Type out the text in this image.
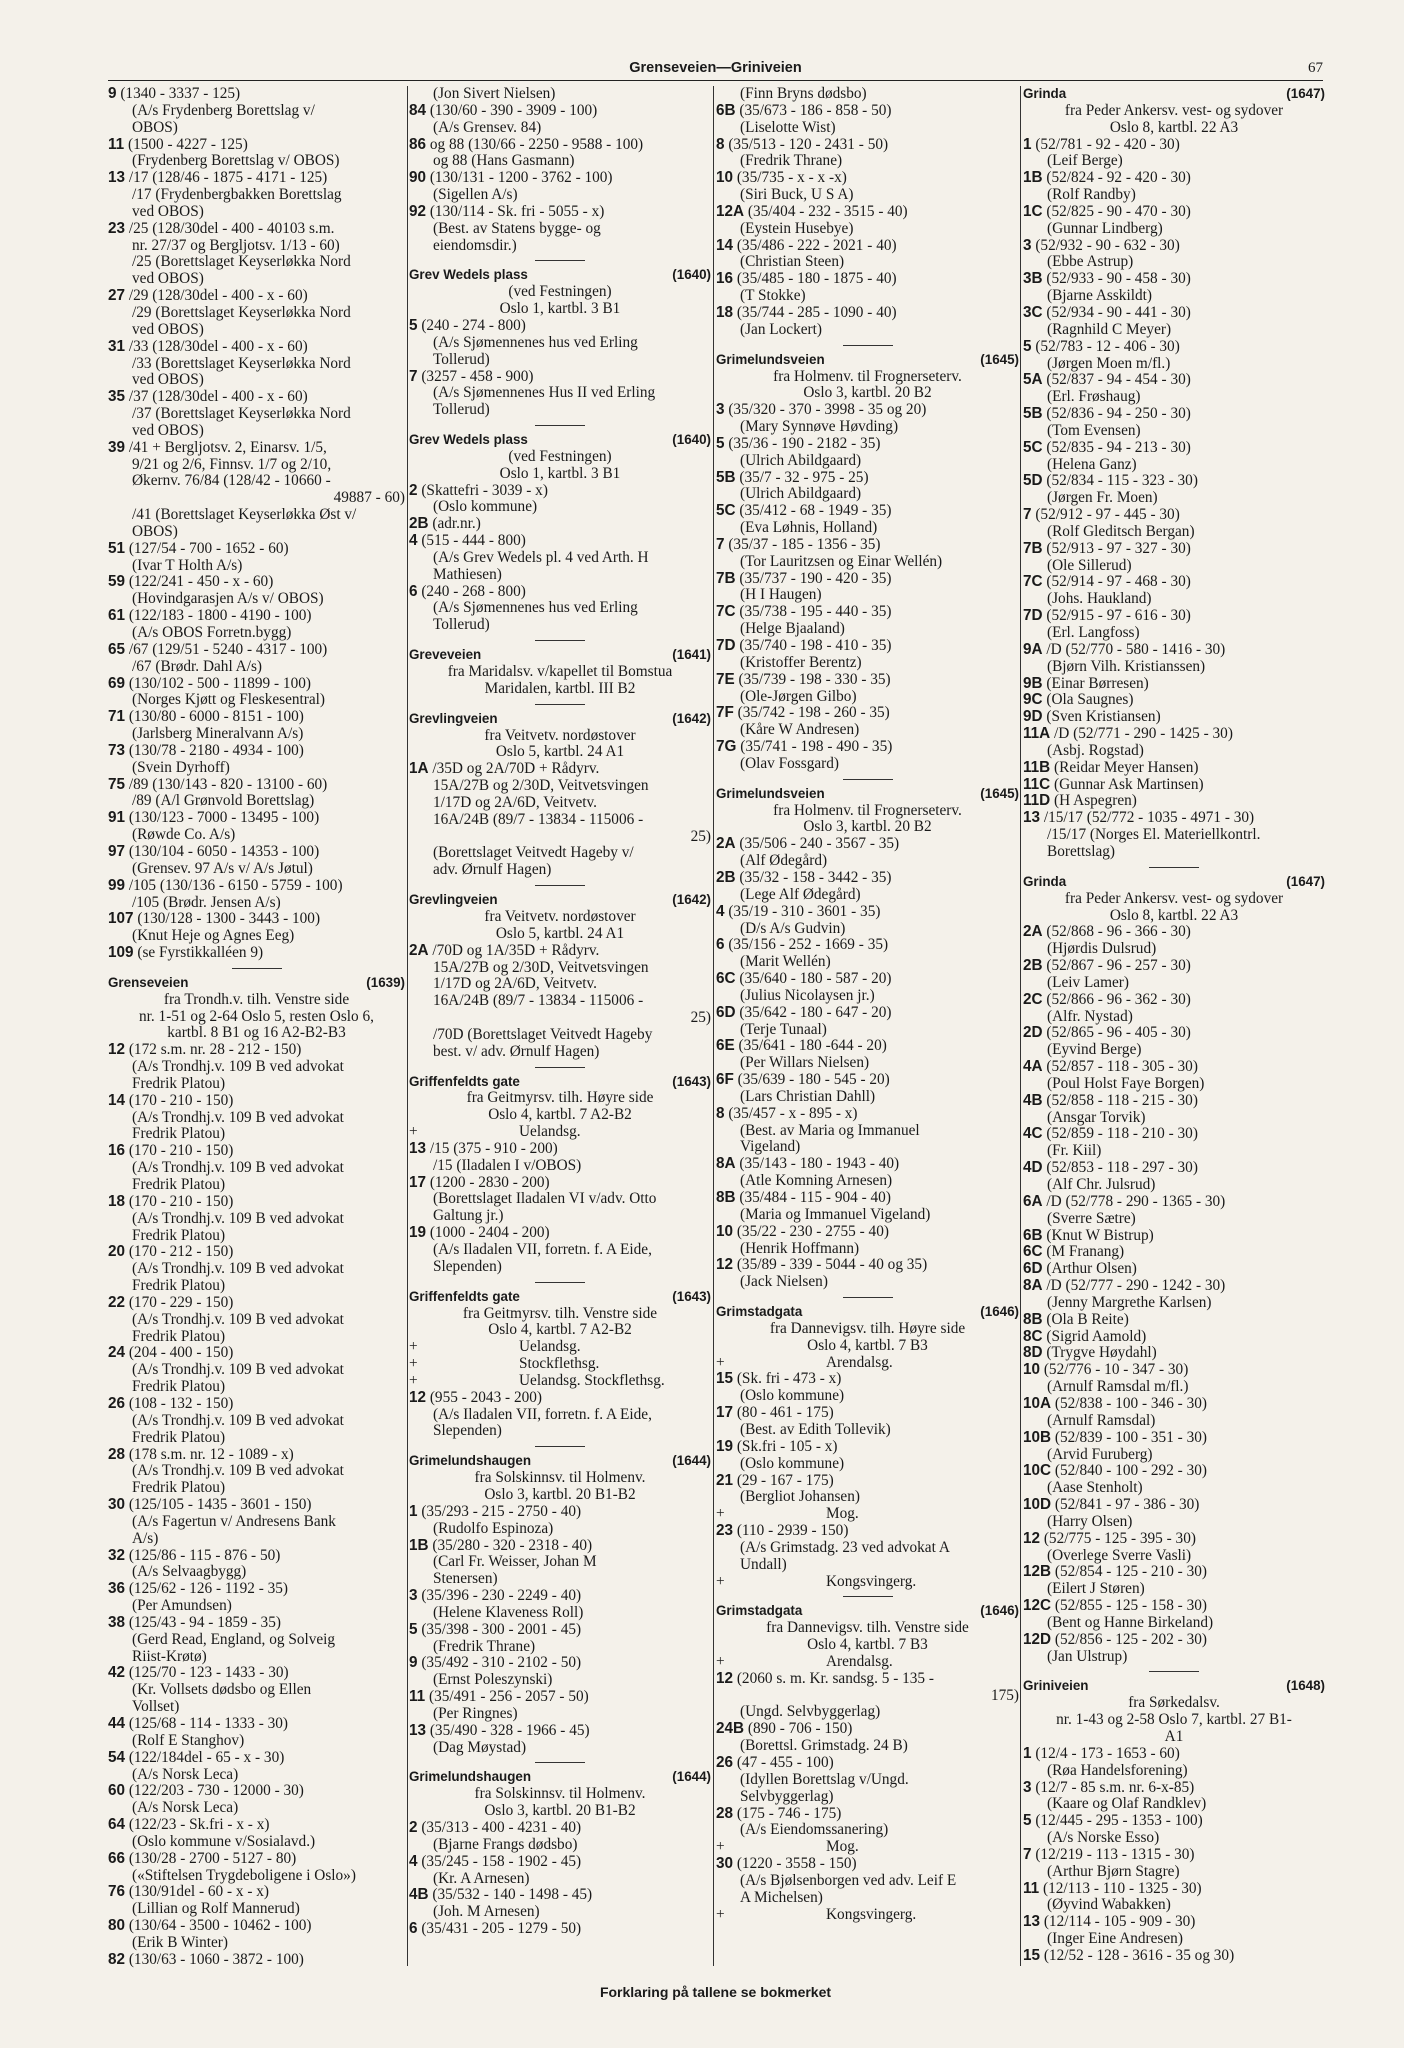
Grenseveien—Griniveien	67
9 (1340 - 3337 - 125)
(A/s Frydenberg Borettslag v/
OBOS)
11 (1500 - 4227 - 125)
(Frydenberg Borettslag v/ OBOS)
13 /17 (128/46 - 1875 - 4171 - 125)
/17 (Frydenbergbakken Borettslag
ved OBOS)
23 /25 (128/30del - 400 - 40103 s.m.
nr. 27/37 og Bergljotsv. 1/13 - 60)
/25 (Borettslaget Keyserløkka Nord
ved OBOS)
27 /29 (128/30del - 400 - x - 60)
/29 (Borettslaget Keyserløkka Nord
ved OBOS)
31 /33 (128/30del - 400 - x - 60)
/33 (Borettslaget Keyserløkka Nord
ved OBOS)
35 /37 (128/30del - 400 - x - 60)
/37 (Borettslaget Keyserløkka Nord
ved OBOS)
39 /41 + Bergljotsv. 2, Einarsv. 1/5,
9/21 og 2/6, Finnsv. 1/7 og 2/10,
Økernv. 76/84 (128/42 - 10660 -
49887 - 60)
/41 (Borettslaget Keyserløkka Øst v/
OBOS)
51 (127/54 - 700 - 1652 - 60)
(Ivar T Holth A/s)
59 (122/241 - 450 - x - 60)
(Hovindgarasjen A/s v/ OBOS)
61 (122/183 - 1800 - 4190 - 100)
(A/s OBOS Forretn.bygg)
65 /67 (129/51 - 5240 - 4317 - 100)
/67 (Brødr. Dahl A/s)
69 (130/102 - 500 - 11899 - 100)
(Norges Kjøtt og Fleskesentral)
71 (130/80 - 6000 - 8151 - 100)
(Jarlsberg Mineralvann A/s)
73 (130/78 - 2180 - 4934 - 100)
(Svein Dyrhoff)
75 /89 (130/143 - 820 - 13100 - 60)
/89 (A/l Grønvold Borettslag)
91 (130/123 - 7000 - 13495 - 100)
(Røwde Co. A/s)
97 (130/104 - 6050 - 14353 - 100)
(Grensev. 97 A/s v/ A/s Jøtul)
99 /105 (130/136 - 6150 - 5759 - 100)
/105 (Brødr. Jensen A/s)
107 (130/128 - 1300 - 3443 - 100)
(Knut Heje og Agnes Eeg)
109 (se Fyrstikkalléen 9)
Grenseveien	(1639)
fra Trondh.v. tilh. Venstre side
nr. 1-51 og 2-64 Oslo 5, resten Oslo 6,
kartbl. 8 B1 og 16 A2-B2-B3
12 (172 s.m. nr. 28 - 212 - 150)
(A/s Trondhj.v. 109 B ved advokat
Fredrik Platou)
14 (170 - 210 - 150)
(A/s Trondhj.v. 109 B ved advokat
Fredrik Platou)
16 (170 - 210 - 150)
(A/s Trondhj.v. 109 B ved advokat
Fredrik Platou)
18 (170 - 210 - 150)
(A/s Trondhj.v. 109 B ved advokat
Fredrik Platou)
20 (170 - 212 - 150)
(A/s Trondhj.v. 109 B ved advokat
Fredrik Platou)
22 (170 - 229 - 150)
(A/s Trondhj.v. 109 B ved advokat
Fredrik Platou)
24 (204 - 400 - 150)
(A/s Trondhj.v. 109 B ved advokat
Fredrik Platou)
26 (108 - 132 - 150)
(A/s Trondhj.v. 109 B ved advokat
Fredrik Platou)
28 (178 s.m. nr. 12 - 1089 - x)
(A/s Trondhj.v. 109 B ved advokat
Fredrik Platou)
30 (125/105 - 1435 - 3601 - 150)
(A/s Fagertun v/ Andresens Bank
A/s)
32 (125/86 - 115 - 876 - 50)
(A/s Selvaagbygg)
36 (125/62 - 126 - 1192 - 35)
(Per Amundsen)
38 (125/43 - 94 - 1859 - 35)
(Gerd Read, England, og Solveig
Riist-Krøtø)
42 (125/70 - 123 - 1433 - 30)
(Kr. Vollsets dødsbo og Ellen
Vollset)
44 (125/68 - 114 - 1333 - 30)
(Rolf E Stanghov)
54 (122/184del - 65 - x - 30)
(A/s Norsk Leca)
60 (122/203 - 730 - 12000 - 30)
(A/s Norsk Leca)
64 (122/23 - Sk.fri - x - x)
(Oslo kommune v/Sosialavd.)
66 (130/28 - 2700 - 5127 - 80)
(«Stiftelsen Trygdeboligene i Oslo»)
76 (130/91del - 60 - x - x)
(Lillian og Rolf Mannerud)
80 (130/64 - 3500 - 10462 - 100)
(Erik B Winter)
82 (130/63 - 1060 - 3872 - 100)
(Jon Sivert Nielsen)
84 (130/60 - 390 - 3909 - 100)
(A/s Grensev. 84)
86 og 88 (130/66 - 2250 - 9588 - 100)
og 88 (Hans Gasmann)
90 (130/131 - 1200 - 3762 - 100)
(Sigellen A/s)
92 (130/114 - Sk. fri - 5055 - x)
(Best. av Statens bygge- og
eiendomsdir.)
Grev Wedels plass	(1640)
(ved Festningen)
Oslo 1, kartbl. 3 B1
5 (240 - 274 - 800)
(A/s Sjømennenes hus ved Erling
Tollerud)
7 (3257 - 458 - 900)
(A/s Sjømennenes Hus II ved Erling
Tollerud)
Grev Wedels plass	(1640)
(ved Festningen)
Oslo 1, kartbl. 3 B1
2 (Skattefri - 3039 - x)
(Oslo kommune)
2B (adr.nr.)
4 (515 - 444 - 800)
(A/s Grev Wedels pl. 4 ved Arth. H
Mathiesen)
6 (240 - 268 - 800)
(A/s Sjømennenes hus ved Erling
Tollerud)
Greveveien	(1641)
fra Maridalsv. v/kapellet til Bomstua
Maridalen, kartbl. III B2
Grevlingveien	(1642)
fra Veitvetv. nordøstover
Oslo 5, kartbl. 24 A1
1A /35D og 2A/70D + Rådyrv.
15A/27B og 2/30D, Veitvetsvingen
1/17D og 2A/6D, Veitvetv.
16A/24B (89/7 - 13834 - 115006 -
25)
(Borettslaget Veitvedt Hageby v/
adv. Ørnulf Hagen)
Grevlingveien	(1642)
fra Veitvetv. nordøstover
Oslo 5, kartbl. 24 A1
2A /70D og 1A/35D + Rådyrv.
15A/27B og 2/30D, Veitvetsvingen
1/17D og 2A/6D, Veitvetv.
16A/24B (89/7 - 13834 - 115006 -
25)
/70D (Borettslaget Veitvedt Hageby
best. v/ adv. Ørnulf Hagen)
Griffenfeldts gate	(1643)
fra Geitmyrsv. tilh. Høyre side
Oslo 4, kartbl. 7 A2-B2
+	Uelandsg.
13 /15 (375 - 910 - 200)
/15 (Iladalen I v/OBOS)
17 (1200 - 2830 - 200)
(Borettslaget Iladalen VI v/adv. Otto
Galtung jr.)
19 (1000 - 2404 - 200)
(A/s Iladalen VII, forretn. f. A Eide,
Slependen)
Griffenfeldts gate	(1643)
fra Geitmyrsv. tilh. Venstre side
Oslo 4, kartbl. 7 A2-B2
+	Uelandsg.
+	Stockflethsg.
+	Uelandsg. Stockflethsg.
12 (955 - 2043 - 200)
(A/s Iladalen VII, forretn. f. A Eide,
Slependen)
Grimelundshaugen	(1644)
fra Solskinnsv. til Holmenv.
Oslo 3, kartbl. 20 B1-B2
1 (35/293 - 215 - 2750 - 40)
(Rudolfo Espinoza)
1B (35/280 - 320 - 2318 - 40)
(Carl Fr. Weisser, Johan M
Stenersen)
3 (35/396 - 230 - 2249 - 40)
(Helene Klaveness Roll)
5 (35/398 - 300 - 2001 - 45)
(Fredrik Thrane)
9 (35/492 - 310 - 2102 - 50)
(Ernst Poleszynski)
11 (35/491 - 256 - 2057 - 50)
(Per Ringnes)
13 (35/490 - 328 - 1966 - 45)
(Dag Møystad)
Grimelundshaugen	(1644)
fra Solskinnsv. til Holmenv.
Oslo 3, kartbl. 20 B1-B2
2 (35/313 - 400 - 4231 - 40)
(Bjarne Frangs dødsbo)
4 (35/245 - 158 - 1902 - 45)
(Kr. A Arnesen)
4B (35/532 - 140 - 1498 - 45)
(Joh. M Arnesen)
6 (35/431 - 205 - 1279 - 50)
(Finn Bryns dødsbo)
6B (35/673 - 186 - 858 - 50)
(Liselotte Wist)
8 (35/513 - 120 - 2431 - 50)
(Fredrik Thrane)
10 (35/735 - x - x -x)
(Siri Buck, U S A)
12A (35/404 - 232 - 3515 - 40)
(Eystein Husebye)
14 (35/486 - 222 - 2021 - 40)
(Christian Steen)
16 (35/485 - 180 - 1875 - 40)
(T Stokke)
18 (35/744 - 285 - 1090 - 40)
(Jan Lockert)
Grimelundsveien	(1645)
fra Holmenv. til Frognerseterv.
Oslo 3, kartbl. 20 B2
3 (35/320 - 370 - 3998 - 35 og 20)
(Mary Synnøve Høvding)
5 (35/36 - 190 - 2182 - 35)
(Ulrich Abildgaard)
5B (35/7 - 32 - 975 - 25)
(Ulrich Abildgaard)
5C (35/412 - 68 - 1949 - 35)
(Eva Løhnis, Holland)
7 (35/37 - 185 - 1356 - 35)
(Tor Lauritzsen og Einar Wellén)
7B (35/737 - 190 - 420 - 35)
(H I Haugen)
7C (35/738 - 195 - 440 - 35)
(Helge Bjaaland)
7D (35/740 - 198 - 410 - 35)
(Kristoffer Berentz)
7E (35/739 - 198 - 330 - 35)
(Ole-Jørgen Gilbo)
7F (35/742 - 198 - 260 - 35)
(Kåre W Andresen)
7G (35/741 - 198 - 490 - 35)
(Olav Fossgard)
Grimelundsveien	(1645)
fra Holmenv. til Frognerseterv.
Oslo 3, kartbl. 20 B2
2A (35/506 - 240 - 3567 - 35)
(Alf Ødegård)
2B (35/32 - 158 - 3442 - 35)
(Lege Alf Ødegård)
4 (35/19 - 310 - 3601 - 35)
(D/s A/s Gudvin)
6 (35/156 - 252 - 1669 - 35)
(Marit Wellén)
6C (35/640 - 180 - 587 - 20)
(Julius Nicolaysen jr.)
6D (35/642 - 180 - 647 - 20)
(Terje Tunaal)
6E (35/641 - 180 -644 - 20)
(Per Willars Nielsen)
6F (35/639 - 180 - 545 - 20)
(Lars Christian Dahll)
8 (35/457 - x - 895 - x)
(Best. av Maria og Immanuel
Vigeland)
8A (35/143 - 180 - 1943 - 40)
(Atle Komning Arnesen)
8B (35/484 - 115 - 904 - 40)
(Maria og Immanuel Vigeland)
10 (35/22 - 230 - 2755 - 40)
(Henrik Hoffmann)
12 (35/89 - 339 - 5044 - 40 og 35)
(Jack Nielsen)
Grimstadgata	(1646)
fra Dannevigsv. tilh. Høyre side
Oslo 4, kartbl. 7 B3
+	Arendalsg.
15 (Sk. fri - 473 - x)
(Oslo kommune)
17 (80 - 461 - 175)
(Best. av Edith Tollevik)
19 (Sk.fri - 105 - x)
(Oslo kommune)
21 (29 - 167 - 175)
(Bergliot Johansen)
+	Mog.
23 (110 - 2939 - 150)
(A/s Grimstadg. 23 ved advokat A
Undall)
+	Kongsvingerg.
Grimstadgata	(1646)
fra Dannevigsv. tilh. Venstre side
Oslo 4, kartbl. 7 B3
+	Arendalsg.
12 (2060 s. m. Kr. sandsg. 5 - 135 -
175)
(Ungd. Selvbyggerlag)
24B (890 - 706 - 150)
(Borettsl. Grimstadg. 24 B)
26 (47 - 455 - 100)
(Idyllen Borettslag v/Ungd.
Selvbyggerlag)
28 (175 - 746 - 175)
(A/s Eiendomssanering)
+	Mog.
30 (1220 - 3558 - 150)
(A/s Bjølsenborgen ved adv. Leif E
A Michelsen)
+	Kongsvingerg.
Grinda	(1647)
fra Peder Ankersv. vest- og sydover
Oslo 8, kartbl. 22 A3
1 (52/781 - 92 - 420 - 30)
(Leif Berge)
1B (52/824 - 92 - 420 - 30)
(Rolf Randby)
1C (52/825 - 90 - 470 - 30)
(Gunnar Lindberg)
3 (52/932 - 90 - 632 - 30)
(Ebbe Astrup)
3B (52/933 - 90 - 458 - 30)
(Bjarne Asskildt)
3C (52/934 - 90 - 441 - 30)
(Ragnhild C Meyer)
5 (52/783 - 12 - 406 - 30)
(Jørgen Moen m/fl.)
5A (52/837 - 94 - 454 - 30)
(Erl. Frøshaug)
5B (52/836 - 94 - 250 - 30)
(Tom Evensen)
5C (52/835 - 94 - 213 - 30)
(Helena Ganz)
5D (52/834 - 115 - 323 - 30)
(Jørgen Fr. Moen)
7 (52/912 - 97 - 445 - 30)
(Rolf Gleditsch Bergan)
7B (52/913 - 97 - 327 - 30)
(Ole Sillerud)
7C (52/914 - 97 - 468 - 30)
(Johs. Haukland)
7D (52/915 - 97 - 616 - 30)
(Erl. Langfoss)
9A /D (52/770 - 580 - 1416 - 30)
(Bjørn Vilh. Kristianssen)
9B (Einar Børresen)
9C (Ola Saugnes)
9D (Sven Kristiansen)
11A /D (52/771 - 290 - 1425 - 30)
(Asbj. Rogstad)
11B (Reidar Meyer Hansen)
11C (Gunnar Ask Martinsen)
11D (H Aspegren)
13 /15/17 (52/772 - 1035 - 4971 - 30)
/15/17 (Norges El. Materiellkontrl.
Borettslag)
Grinda	(1647)
fra Peder Ankersv. vest- og sydover
Oslo 8, kartbl. 22 A3
2A (52/868 - 96 - 366 - 30)
(Hjørdis Dulsrud)
2B (52/867 - 96 - 257 - 30)
(Leiv Lamer)
2C (52/866 - 96 - 362 - 30)
(Alfr. Nystad)
2D (52/865 - 96 - 405 - 30)
(Eyvind Berge)
4A (52/857 - 118 - 305 - 30)
(Poul Holst Faye Borgen)
4B (52/858 - 118 - 215 - 30)
(Ansgar Torvik)
4C (52/859 - 118 - 210 - 30)
(Fr. Kiil)
4D (52/853 - 118 - 297 - 30)
(Alf Chr. Julsrud)
6A /D (52/778 - 290 - 1365 - 30)
(Sverre Sætre)
6B (Knut W Bistrup)
6C (M Franang)
6D (Arthur Olsen)
8A /D (52/777 - 290 - 1242 - 30)
(Jenny Margrethe Karlsen)
8B (Ola B Reite)
8C (Sigrid Aamold)
8D (Trygve Høydahl)
10 (52/776 - 10 - 347 - 30)
(Arnulf Ramsdal m/fl.)
10A (52/838 - 100 - 346 - 30)
(Arnulf Ramsdal)
10B (52/839 - 100 - 351 - 30)
(Arvid Furuberg)
10C (52/840 - 100 - 292 - 30)
(Aase Stenholt)
10D (52/841 - 97 - 386 - 30)
(Harry Olsen)
12 (52/775 - 125 - 395 - 30)
(Overlege Sverre Vasli)
12B (52/854 - 125 - 210 - 30)
(Eilert J Støren)
12C (52/855 - 125 - 158 - 30)
(Bent og Hanne Birkeland)
12D (52/856 - 125 - 202 - 30)
(Jan Ulstrup)
Griniveien	(1648)
fra Sørkedalsv.
nr. 1-43 og 2-58 Oslo 7, kartbl. 27 B1-
A1
1 (12/4 - 173 - 1653 - 60)
(Røa Handelsforening)
3 (12/7 - 85 s.m. nr. 6-x-85)
(Kaare og Olaf Randklev)
5 (12/445 - 295 - 1353 - 100)
(A/s Norske Esso)
7 (12/219 - 113 - 1315 - 30)
(Arthur Bjørn Stagre)
11 (12/113 - 110 - 1325 - 30)
(Øyvind Wabakken)
13 (12/114 - 105 - 909 - 30)
(Inger Eine Andresen)
15 (12/52 - 128 - 3616 - 35 og 30)
Forklaring på tallene se bokmerket
